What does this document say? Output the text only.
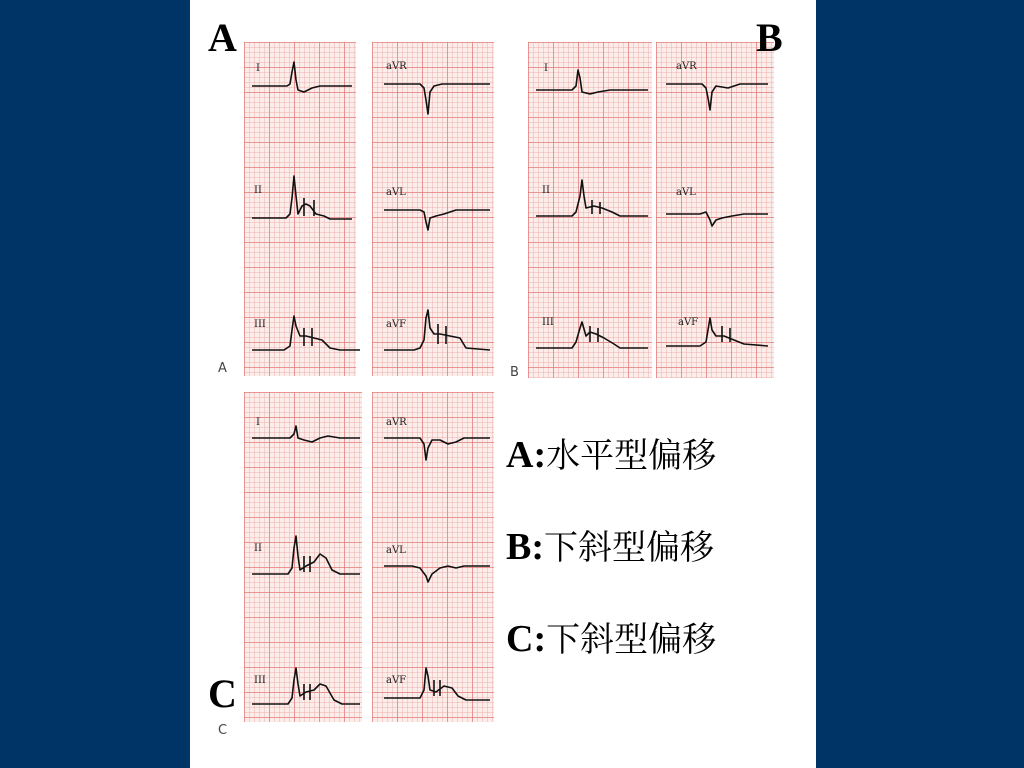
I
II
III
aVR
aVL
aVF
I
II
III
aVR
aVL
aVF
I
II
III
aVR
aVL
aVF
A	B
C
A	B
C
A:水平型偏移
B:下斜型偏移
C:下斜型偏移
